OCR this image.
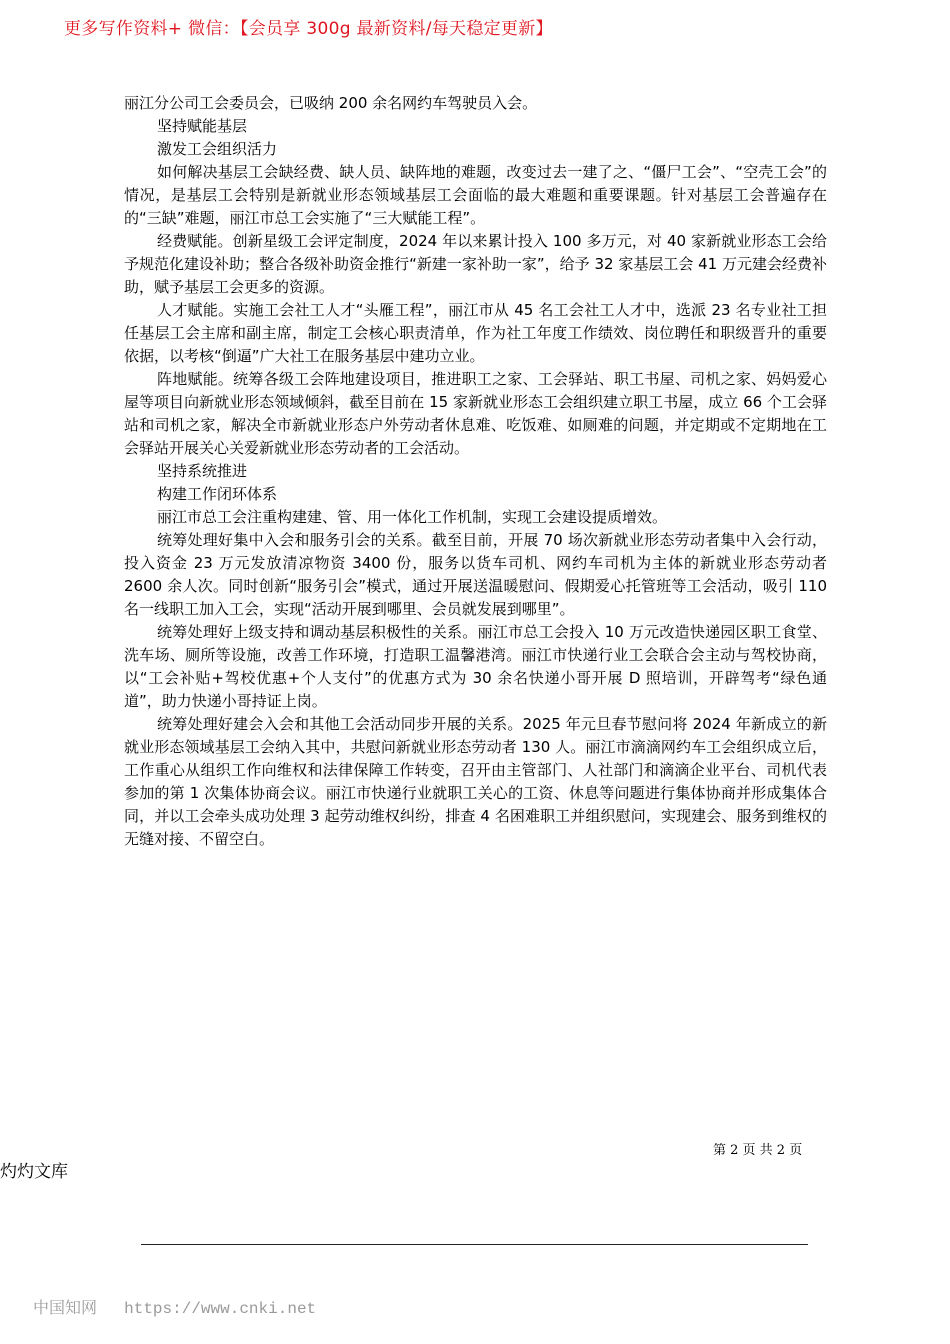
更多写作资料+ 微信：【会员享 300g 最新资料/每天稳定更新】

丽江分公司工会委员会，已吸纳 200 余名网约车驾驶员入会。

坚持赋能基层

激发工会组织活力

如何解决基层工会缺经费、缺人员、缺阵地的难题，改变过去一建了之、“僵尸工会”、“空壳工会”的情况，是基层工会特别是新就业形态领域基层工会面临的最大难题和重要课题。针对基层工会普遍存在的“三缺”难题，丽江市总工会实施了“三大赋能工程”。

经费赋能。创新星级工会评定制度，2024 年以来累计投入 100 多万元，对 40 家新就业形态工会给予规范化建设补助；整合各级补助资金推行“新建一家补助一家”，给予 32 家基层工会 41 万元建会经费补助，赋予基层工会更多的资源。

人才赋能。实施工会社工人才“头雁工程”，丽江市从 45 名工会社工人才中，选派 23 名专业社工担任基层工会主席和副主席，制定工会核心职责清单，作为社工年度工作绩效、岗位聘任和职级晋升的重要依据，以考核“倒逼”广大社工在服务基层中建功立业。

阵地赋能。统筹各级工会阵地建设项目，推进职工之家、工会驿站、职工书屋、司机之家、妈妈爱心屋等项目向新就业形态领域倾斜，截至目前在 15 家新就业形态工会组织建立职工书屋，成立 66 个工会驿站和司机之家，解决全市新就业形态户外劳动者休息难、吃饭难、如厕难的问题，并定期或不定期地在工会驿站开展关心关爱新就业形态劳动者的工会活动。

坚持系统推进

构建工作闭环体系

丽江市总工会注重构建建、管、用一体化工作机制，实现工会建设提质增效。

统筹处理好集中入会和服务引会的关系。截至目前，开展 70 场次新就业形态劳动者集中入会行动，投入资金 23 万元发放清凉物资 3400 份，服务以货车司机、网约车司机为主体的新就业形态劳动者 2600 余人次。同时创新“服务引会”模式，通过开展送温暖慰问、假期爱心托管班等工会活动，吸引 110 名一线职工加入工会，实现“活动开展到哪里、会员就发展到哪里”。

统筹处理好上级支持和调动基层积极性的关系。丽江市总工会投入 10 万元改造快递园区职工食堂、洗车场、厕所等设施，改善工作环境，打造职工温馨港湾。丽江市快递行业工会联合会主动与驾校协商，以“工会补贴+驾校优惠+个人支付”的优惠方式为 30 余名快递小哥开展 D 照培训，开辟驾考“绿色通道”，助力快递小哥持证上岗。

统筹处理好建会入会和其他工会活动同步开展的关系。2025 年元旦春节慰问将 2024 年新成立的新就业形态领域基层工会纳入其中，共慰问新就业形态劳动者 130 人。丽江市滴滴网约车工会组织成立后，工作重心从组织工作向维权和法律保障工作转变，召开由主管部门、人社部门和滴滴企业平台、司机代表参加的第 1 次集体协商会议。丽江市快递行业就职工关心的工资、休息等问题进行集体协商并形成集体合同，并以工会牵头成功处理 3 起劳动维权纠纷，排查 4 名困难职工并组织慰问，实现建会、服务到维权的无缝对接、不留空白。

第 2 页 共 2 页
灼灼文库
中国知网 https://www.cnki.net
